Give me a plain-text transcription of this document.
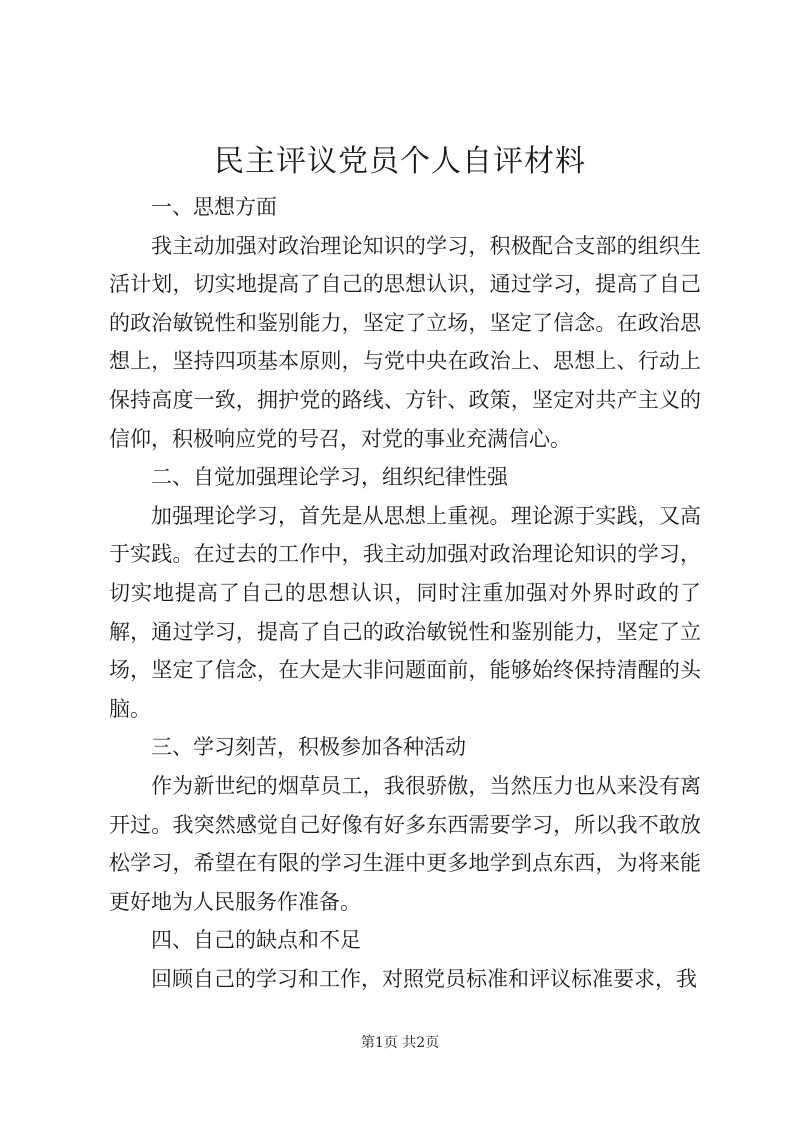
民主评议党员个人自评材料

一、思想方面

我主动加强对政治理论知识的学习，积极配合支部的组织生活计划，切实地提高了自己的思想认识，通过学习，提高了自己的政治敏锐性和鉴别能力，坚定了立场，坚定了信念。在政治思想上，坚持四项基本原则，与党中央在政治上、思想上、行动上保持高度一致，拥护党的路线、方针、政策，坚定对共产主义的信仰，积极响应党的号召，对党的事业充满信心。

二、自觉加强理论学习，组织纪律性强

加强理论学习，首先是从思想上重视。理论源于实践，又高于实践。在过去的工作中，我主动加强对政治理论知识的学习，切实地提高了自己的思想认识，同时注重加强对外界时政的了解，通过学习，提高了自己的政治敏锐性和鉴别能力，坚定了立场，坚定了信念，在大是大非问题面前，能够始终保持清醒的头脑。

三、学习刻苦，积极参加各种活动

作为新世纪的烟草员工，我很骄傲，当然压力也从来没有离开过。我突然感觉自己好像有好多东西需要学习，所以我不敢放松学习，希望在有限的学习生涯中更多地学到点东西，为将来能更好地为人民服务作准备。

四、自己的缺点和不足

回顾自己的学习和工作，对照党员标准和评议标准要求，我

第1页 共2页
